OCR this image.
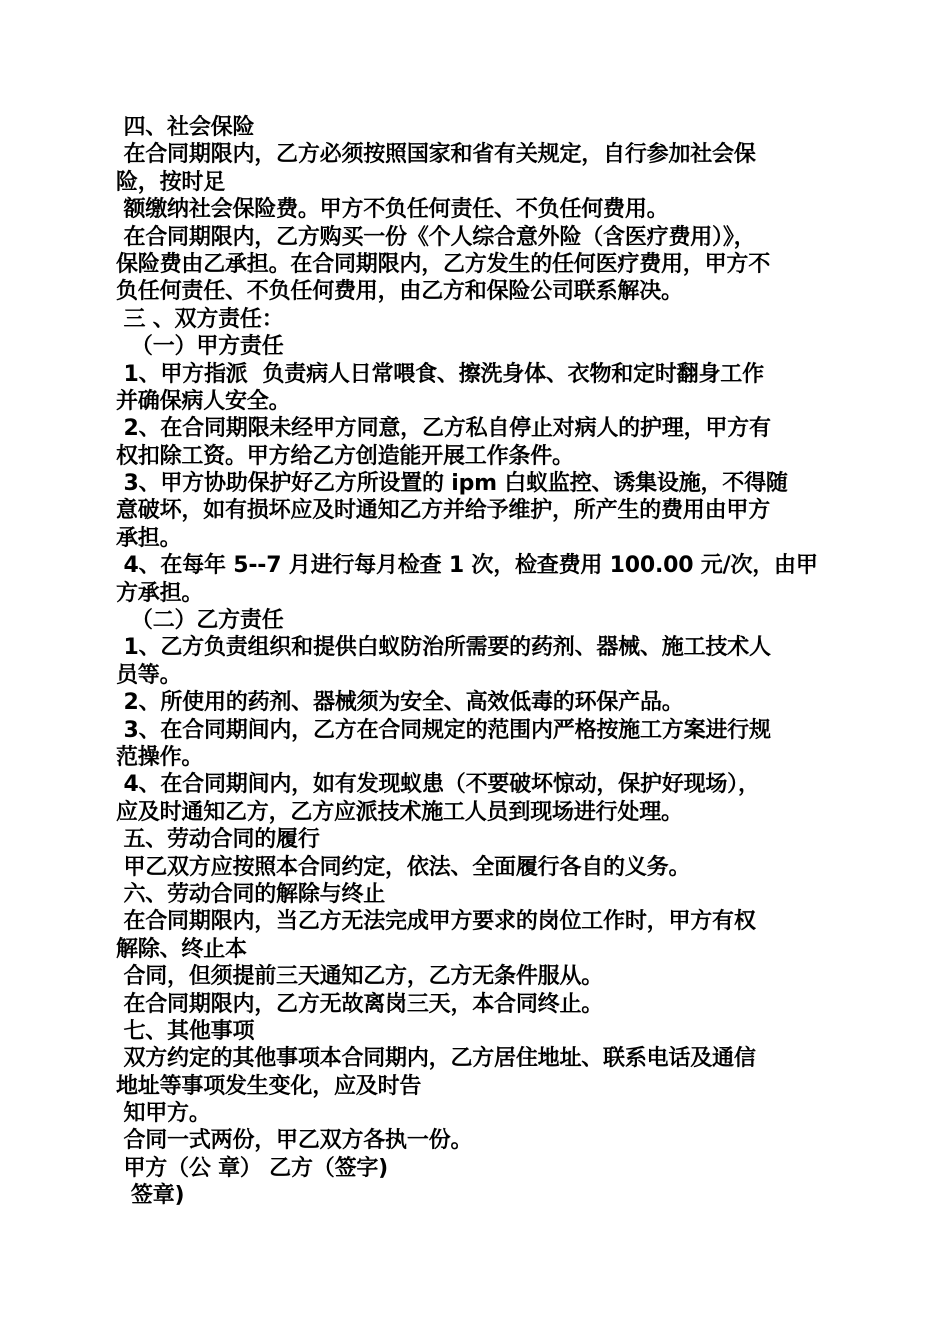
四、社会保险
在合同期限内，乙方必须按照国家和省有关规定，自行参加社会保
险，按时足
额缴纳社会保险费。甲方不负任何责任、不负任何费用。
在合同期限内，乙方购买一份《个人综合意外险（含医疗费用）》，
保险费由乙承担。在合同期限内，乙方发生的任何医疗费用，甲方不
负任何责任、不负任何费用，由乙方和保险公司联系解决。
三 、双方责任：
（一）甲方责任
1、甲方指派  负责病人日常喂食、擦洗身体、衣物和定时翻身工作
并确保病人安全。
2、在合同期限未经甲方同意，乙方私自停止对病人的护理，甲方有
权扣除工资。甲方给乙方创造能开展工作条件。
3、甲方协助保护好乙方所设置的 ipm 白蚁监控、诱集设施，不得随
意破坏，如有损坏应及时通知乙方并给予维护，所产生的费用由甲方
承担。
4、在每年 5--7 月进行每月检查 1 次，检查费用 100.00 元/次，由甲
方承担。
（二）乙方责任
1、乙方负责组织和提供白蚁防治所需要的药剂、器械、施工技术人
员等。
2、所使用的药剂、器械须为安全、高效低毒的环保产品。
3、在合同期间内，乙方在合同规定的范围内严格按施工方案进行规
范操作。
4、在合同期间内，如有发现蚁患（不要破坏惊动，保护好现场），
应及时通知乙方，乙方应派技术施工人员到现场进行处理。
五、劳动合同的履行
甲乙双方应按照本合同约定，依法、全面履行各自的义务。
六、劳动合同的解除与终止
在合同期限内，当乙方无法完成甲方要求的岗位工作时，甲方有权
解除、终止本
合同，但须提前三天通知乙方，乙方无条件服从。
在合同期限内，乙方无故离岗三天，本合同终止。
七、其他事项
双方约定的其他事项本合同期内，乙方居住地址、联系电话及通信
地址等事项发生变化，应及时告
知甲方。
合同一式两份，甲乙双方各执一份。
甲方（公 章） 乙方（签字)
签章)
